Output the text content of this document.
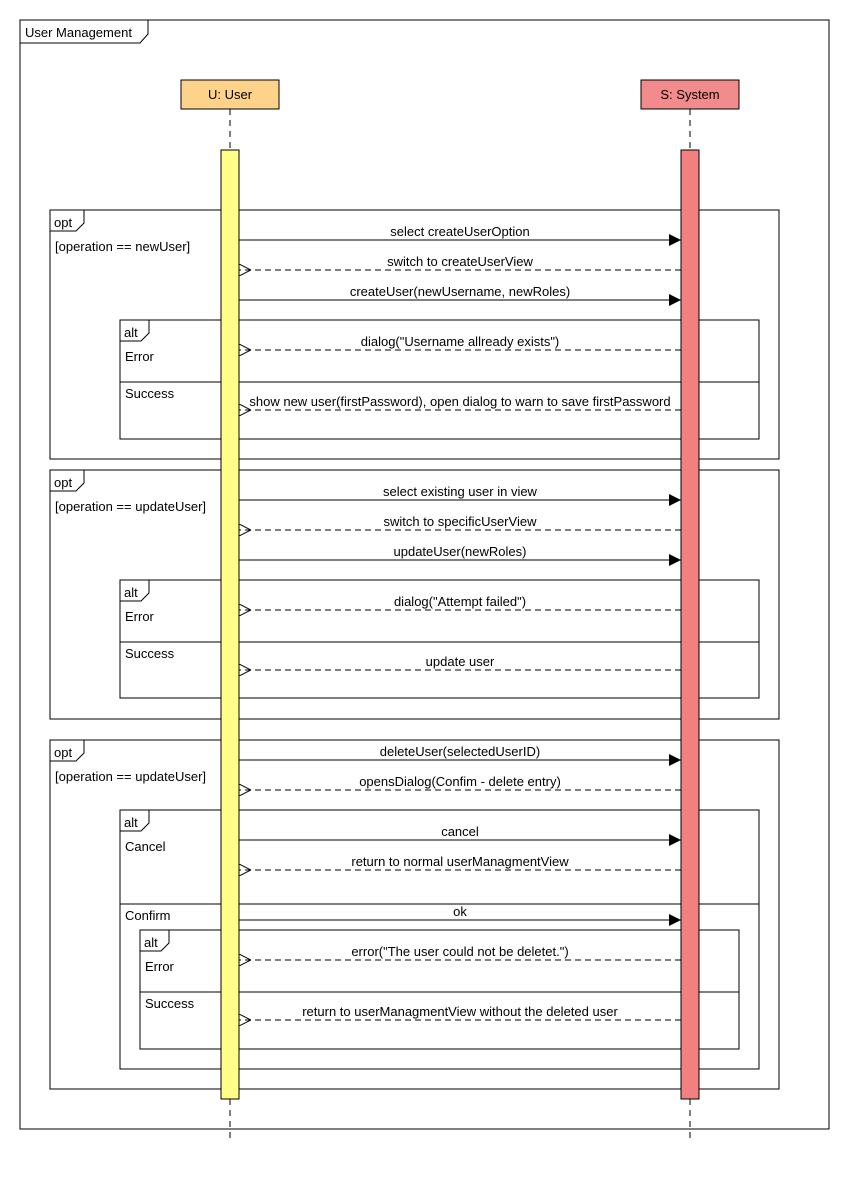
User Management
U: User	S: System
opt
[operation == newUser]
alt
Error
Success
opt
[operation == updateUser]
alt
Error
Success
opt
[operation == updateUser]
alt
Cancel
Confirm
alt
Error
Success
select createUserOption
switch to createUserView
createUser(newUsername, newRoles)
dialog("Username allready exists")
show new user(firstPassword), open dialog to warn to save firstPassword
select existing user in view
switch to specificUserView
updateUser(newRoles)
dialog("Attempt failed")
update user
deleteUser(selectedUserID)
opensDialog(Confim - delete entry)
cancel
return to normal userManagmentView
ok
error("The user could not be deletet.")
return to userManagmentView without the deleted user
